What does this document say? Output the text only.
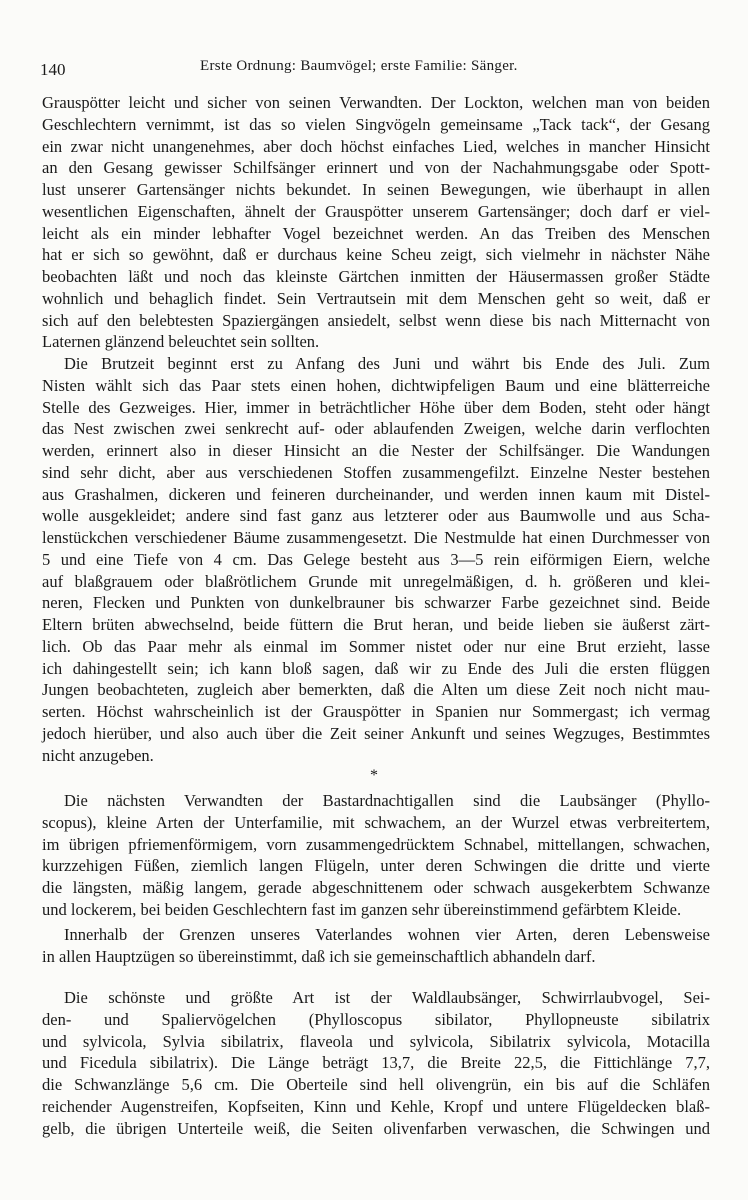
140	Erste Ordnung: Baumvögel; erste Familie: Sänger.
Grauspötter leicht und sicher von seinen Verwandten. Der Lockton, welchen man von beiden
Geschlechtern vernimmt, ist das so vielen Singvögeln gemeinsame „Tack tack“, der Gesang
ein zwar nicht unangenehmes, aber doch höchst einfaches Lied, welches in mancher Hinsicht
an den Gesang gewisser Schilfsänger erinnert und von der Nachahmungsgabe oder Spott-
lust unserer Gartensänger nichts bekundet. In seinen Bewegungen, wie überhaupt in allen
wesentlichen Eigenschaften, ähnelt der Grauspötter unserem Gartensänger; doch darf er viel-
leicht als ein minder lebhafter Vogel bezeichnet werden. An das Treiben des Menschen
hat er sich so gewöhnt, daß er durchaus keine Scheu zeigt, sich vielmehr in nächster Nähe
beobachten läßt und noch das kleinste Gärtchen inmitten der Häusermassen großer Städte
wohnlich und behaglich findet. Sein Vertrautsein mit dem Menschen geht so weit, daß er
sich auf den belebtesten Spaziergängen ansiedelt, selbst wenn diese bis nach Mitternacht von
Laternen glänzend beleuchtet sein sollten.
Die Brutzeit beginnt erst zu Anfang des Juni und währt bis Ende des Juli. Zum
Nisten wählt sich das Paar stets einen hohen, dichtwipfeligen Baum und eine blätterreiche
Stelle des Gezweiges. Hier, immer in beträchtlicher Höhe über dem Boden, steht oder hängt
das Nest zwischen zwei senkrecht auf- oder ablaufenden Zweigen, welche darin verflochten
werden, erinnert also in dieser Hinsicht an die Nester der Schilfsänger. Die Wandungen
sind sehr dicht, aber aus verschiedenen Stoffen zusammengefilzt. Einzelne Nester bestehen
aus Grashalmen, dickeren und feineren durcheinander, und werden innen kaum mit Distel-
wolle ausgekleidet; andere sind fast ganz aus letzterer oder aus Baumwolle und aus Scha-
lenstückchen verschiedener Bäume zusammengesetzt. Die Nestmulde hat einen Durchmesser von
5 und eine Tiefe von 4 cm. Das Gelege besteht aus 3—5 rein eiförmigen Eiern, welche
auf blaßgrauem oder blaßrötlichem Grunde mit unregelmäßigen, d. h. größeren und klei-
neren, Flecken und Punkten von dunkelbrauner bis schwarzer Farbe gezeichnet sind. Beide
Eltern brüten abwechselnd, beide füttern die Brut heran, und beide lieben sie äußerst zärt-
lich. Ob das Paar mehr als einmal im Sommer nistet oder nur eine Brut erzieht, lasse
ich dahingestellt sein; ich kann bloß sagen, daß wir zu Ende des Juli die ersten flüggen
Jungen beobachteten, zugleich aber bemerkten, daß die Alten um diese Zeit noch nicht mau-
serten. Höchst wahrscheinlich ist der Grauspötter in Spanien nur Sommergast; ich vermag
jedoch hierüber, und also auch über die Zeit seiner Ankunft und seines Wegzuges, Bestimmtes
nicht anzugeben.
Die nächsten Verwandten der Bastardnachtigallen sind die Laubsänger (Phyllo-
scopus), kleine Arten der Unterfamilie, mit schwachem, an der Wurzel etwas verbreitertem,
im übrigen pfriemenförmigem, vorn zusammengedrücktem Schnabel, mittellangen, schwachen,
kurzzehigen Füßen, ziemlich langen Flügeln, unter deren Schwingen die dritte und vierte
die längsten, mäßig langem, gerade abgeschnittenem oder schwach ausgekerbtem Schwanze
und lockerem, bei beiden Geschlechtern fast im ganzen sehr übereinstimmend gefärbtem Kleide.
Innerhalb der Grenzen unseres Vaterlandes wohnen vier Arten, deren Lebensweise
in allen Hauptzügen so übereinstimmt, daß ich sie gemeinschaftlich abhandeln darf.
Die schönste und größte Art ist der Waldlaubsänger, Schwirrlaubvogel, Sei-
den- und Spaliervögelchen (Phylloscopus sibilator, Phyllopneuste sibilatrix
und sylvicola, Sylvia sibilatrix, flaveola und sylvicola, Sibilatrix sylvicola, Motacilla
und Ficedula sibilatrix). Die Länge beträgt 13,7, die Breite 22,5, die Fittichlänge 7,7,
die Schwanzlänge 5,6 cm. Die Oberteile sind hell olivengrün, ein bis auf die Schläfen
reichender Augenstreifen, Kopfseiten, Kinn und Kehle, Kropf und untere Flügeldecken blaß-
gelb, die übrigen Unterteile weiß, die Seiten olivenfarben verwaschen, die Schwingen und
*
